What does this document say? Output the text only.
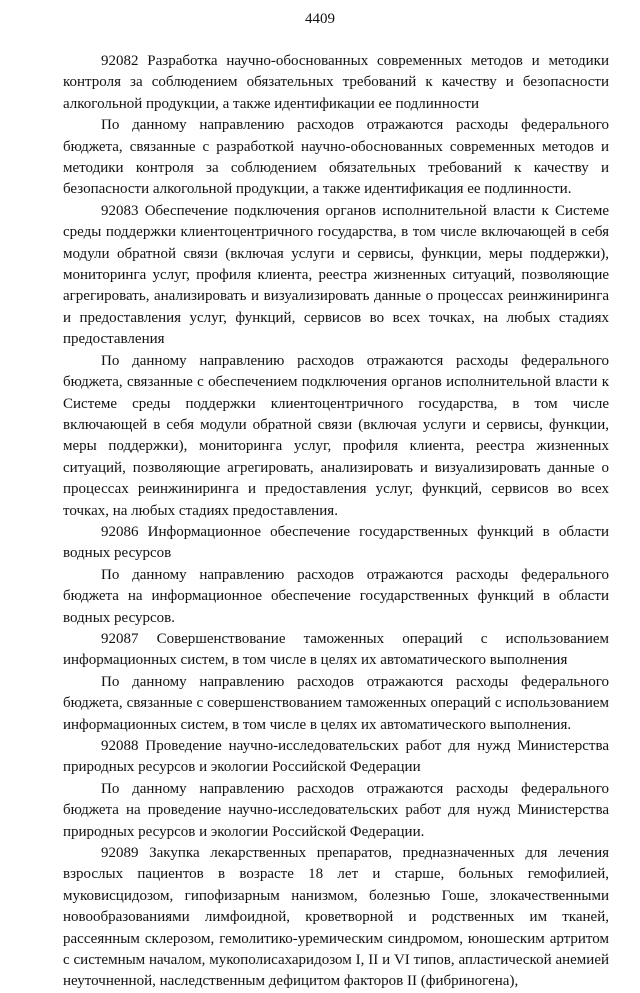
4409

92082 Разработка научно-обоснованных современных методов и методики контроля за соблюдением обязательных требований к качеству и безопасности алкогольной продукции, а также идентификации ее подлинности

По данному направлению расходов отражаются расходы федерального бюджета, связанные с разработкой научно-обоснованных современных методов и методики контроля за соблюдением обязательных требований к качеству и безопасности алкогольной продукции, а также идентификация ее подлинности.

92083 Обеспечение подключения органов исполнительной власти к Системе среды поддержки клиентоцентричного государства, в том числе включающей в себя модули обратной связи (включая услуги и сервисы, функции, меры поддержки), мониторинга услуг, профиля клиента, реестра жизненных ситуаций, позволяющие агрегировать, анализировать и визуализировать данные о процессах реинжиниринга и предоставления услуг, функций, сервисов во всех точках, на любых стадиях предоставления

По данному направлению расходов отражаются расходы федерального бюджета, связанные с обеспечением подключения органов исполнительной власти к Системе среды поддержки клиентоцентричного государства, в том числе включающей в себя модули обратной связи (включая услуги и сервисы, функции, меры поддержки), мониторинга услуг, профиля клиента, реестра жизненных ситуаций, позволяющие агрегировать, анализировать и визуализировать данные о процессах реинжиниринга и предоставления услуг, функций, сервисов во всех точках, на любых стадиях предоставления.

92086 Информационное обеспечение государственных функций в области водных ресурсов

По данному направлению расходов отражаются расходы федерального бюджета на информационное обеспечение государственных функций в области водных ресурсов.

92087 Совершенствование таможенных операций с использованием информационных систем, в том числе в целях их автоматического выполнения

По данному направлению расходов отражаются расходы федерального бюджета, связанные с совершенствованием таможенных операций с использованием информационных систем, в том числе в целях их автоматического выполнения.

92088 Проведение научно-исследовательских работ для нужд Министерства природных ресурсов и экологии Российской Федерации

По данному направлению расходов отражаются расходы федерального бюджета на проведение научно-исследовательских работ для нужд Министерства природных ресурсов и экологии Российской Федерации.

92089 Закупка лекарственных препаратов, предназначенных для лечения взрослых пациентов в возрасте 18 лет и старше, больных гемофилией, муковисцидозом, гипофизарным нанизмом, болезнью Гоше, злокачественными новообразованиями лимфоидной, кроветворной и родственных им тканей, рассеянным склерозом, гемолитико-уремическим синдромом, юношеским артритом с системным началом, мукополисахаридозом I, II и VI типов, апластической анемией неуточненной, наследственным дефицитом факторов II (фибриногена),
